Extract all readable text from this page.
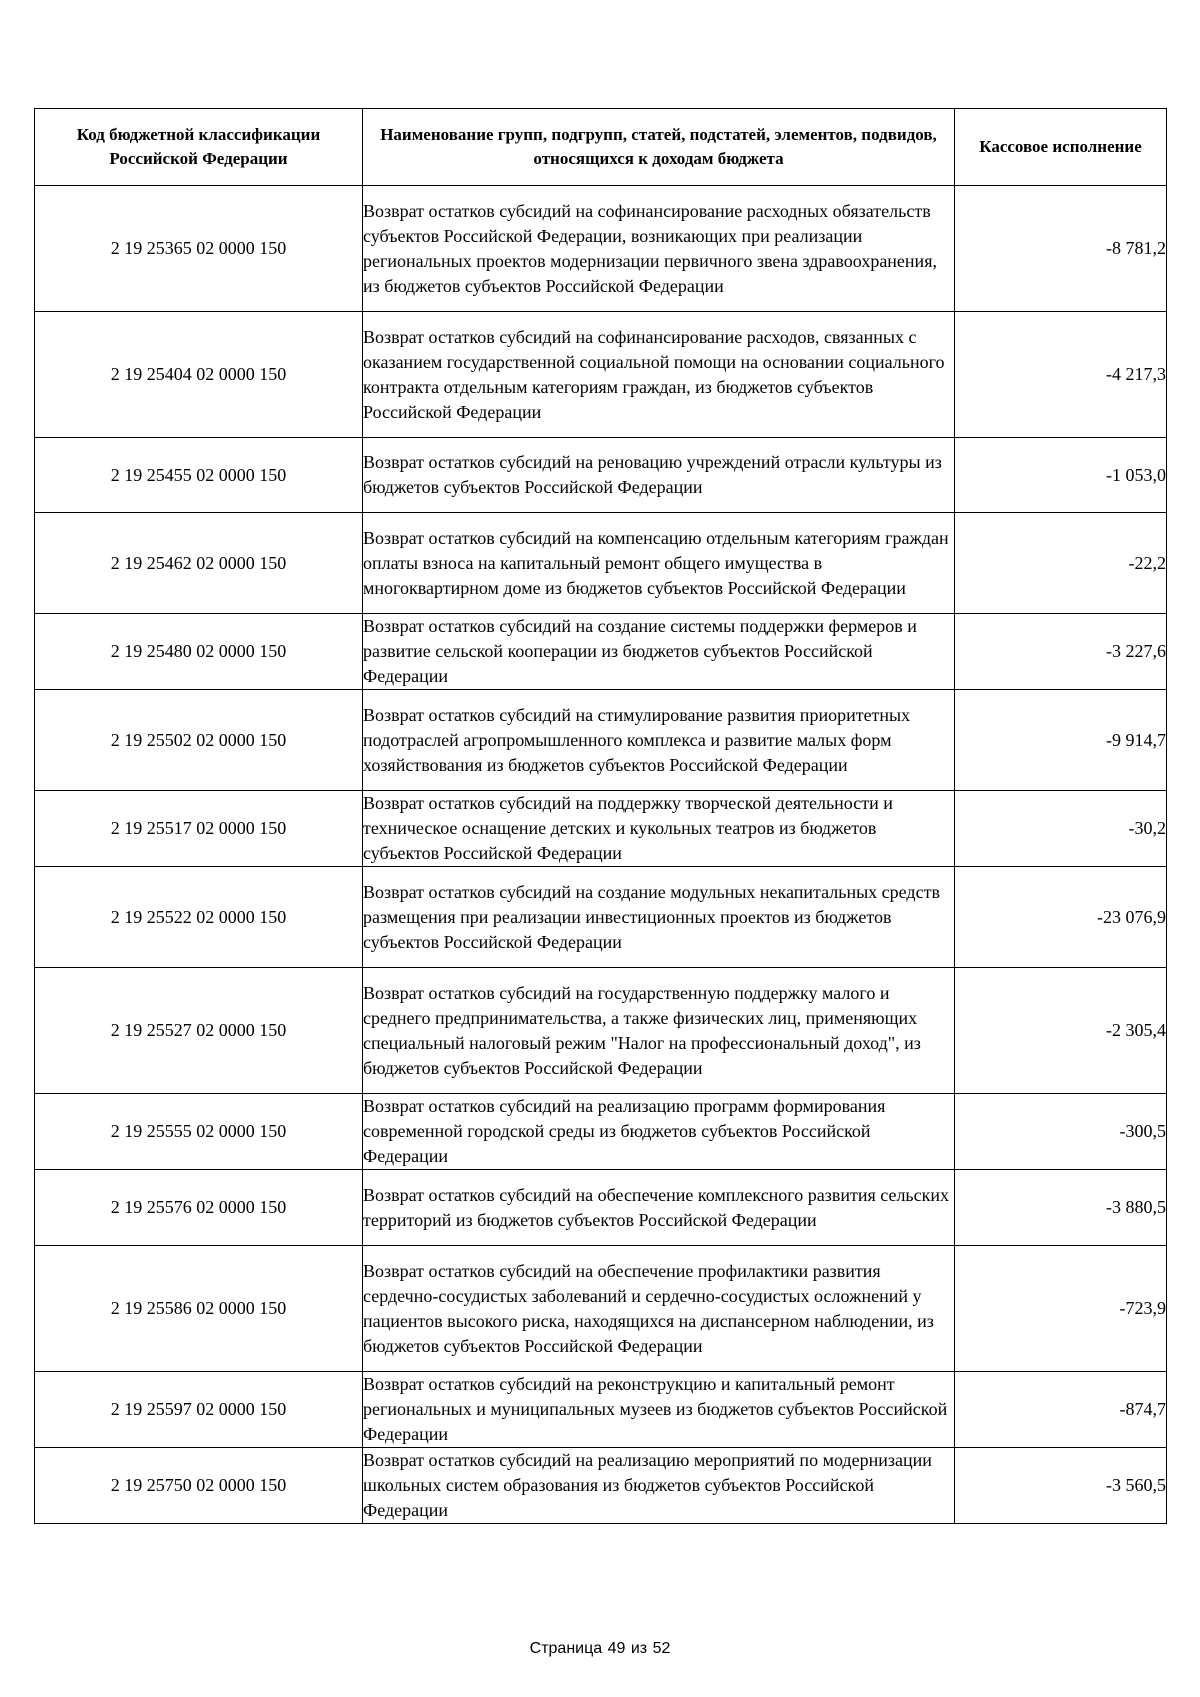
Код бюджетной классификации Российской Федерации	Наименование групп, подгрупп, статей, подстатей, элементов, подвидов, относящихся к доходам бюджета	Кассовое исполнение
2 19 25365 02 0000 150	Возврат остатков субсидий на софинансирование расходных обязательств субъектов Российской Федерации, возникающих при реализации региональных проектов модернизации первичного звена здравоохранения, из бюджетов субъектов Российской Федерации	-8 781,2
2 19 25404 02 0000 150	Возврат остатков субсидий на софинансирование расходов, связанных с оказанием государственной социальной помощи на основании социального контракта отдельным категориям граждан, из бюджетов субъектов Российской Федерации	-4 217,3
2 19 25455 02 0000 150	Возврат остатков субсидий на реновацию учреждений отрасли культуры из бюджетов субъектов Российской Федерации	-1 053,0
2 19 25462 02 0000 150	Возврат остатков субсидий на компенсацию отдельным категориям граждан оплаты взноса на капитальный ремонт общего имущества в многоквартирном доме из бюджетов субъектов Российской Федерации	-22,2
2 19 25480 02 0000 150	Возврат остатков субсидий на создание системы поддержки фермеров и развитие сельской кооперации из бюджетов субъектов Российской Федерации	-3 227,6
2 19 25502 02 0000 150	Возврат остатков субсидий на стимулирование развития приоритетных подотраслей агропромышленного комплекса и развитие малых форм хозяйствования из бюджетов субъектов Российской Федерации	-9 914,7
2 19 25517 02 0000 150	Возврат остатков субсидий на поддержку творческой деятельности и техническое оснащение детских и кукольных театров из бюджетов субъектов Российской Федерации	-30,2
2 19 25522 02 0000 150	Возврат остатков субсидий на создание модульных некапитальных средств размещения при реализации инвестиционных проектов из бюджетов субъектов Российской Федерации	-23 076,9
2 19 25527 02 0000 150	Возврат остатков субсидий на государственную поддержку малого и среднего предпринимательства, а также физических лиц, применяющих специальный налоговый режим "Налог на профессиональный доход", из бюджетов субъектов Российской Федерации	-2 305,4
2 19 25555 02 0000 150	Возврат остатков субсидий на реализацию программ формирования современной городской среды из бюджетов субъектов Российской Федерации	-300,5
2 19 25576 02 0000 150	Возврат остатков субсидий на обеспечение комплексного развития сельских территорий из бюджетов субъектов Российской Федерации	-3 880,5
2 19 25586 02 0000 150	Возврат остатков субсидий на обеспечение профилактики развития сердечно-сосудистых заболеваний и сердечно-сосудистых осложнений у пациентов высокого риска, находящихся на диспансерном наблюдении, из бюджетов субъектов Российской Федерации	-723,9
2 19 25597 02 0000 150	Возврат остатков субсидий на реконструкцию и капитальный ремонт региональных и муниципальных музеев из бюджетов субъектов Российской Федерации	-874,7
2 19 25750 02 0000 150	Возврат остатков субсидий на реализацию мероприятий по модернизации школьных систем образования из бюджетов субъектов Российской Федерации	-3 560,5
Страница 49 из 52
